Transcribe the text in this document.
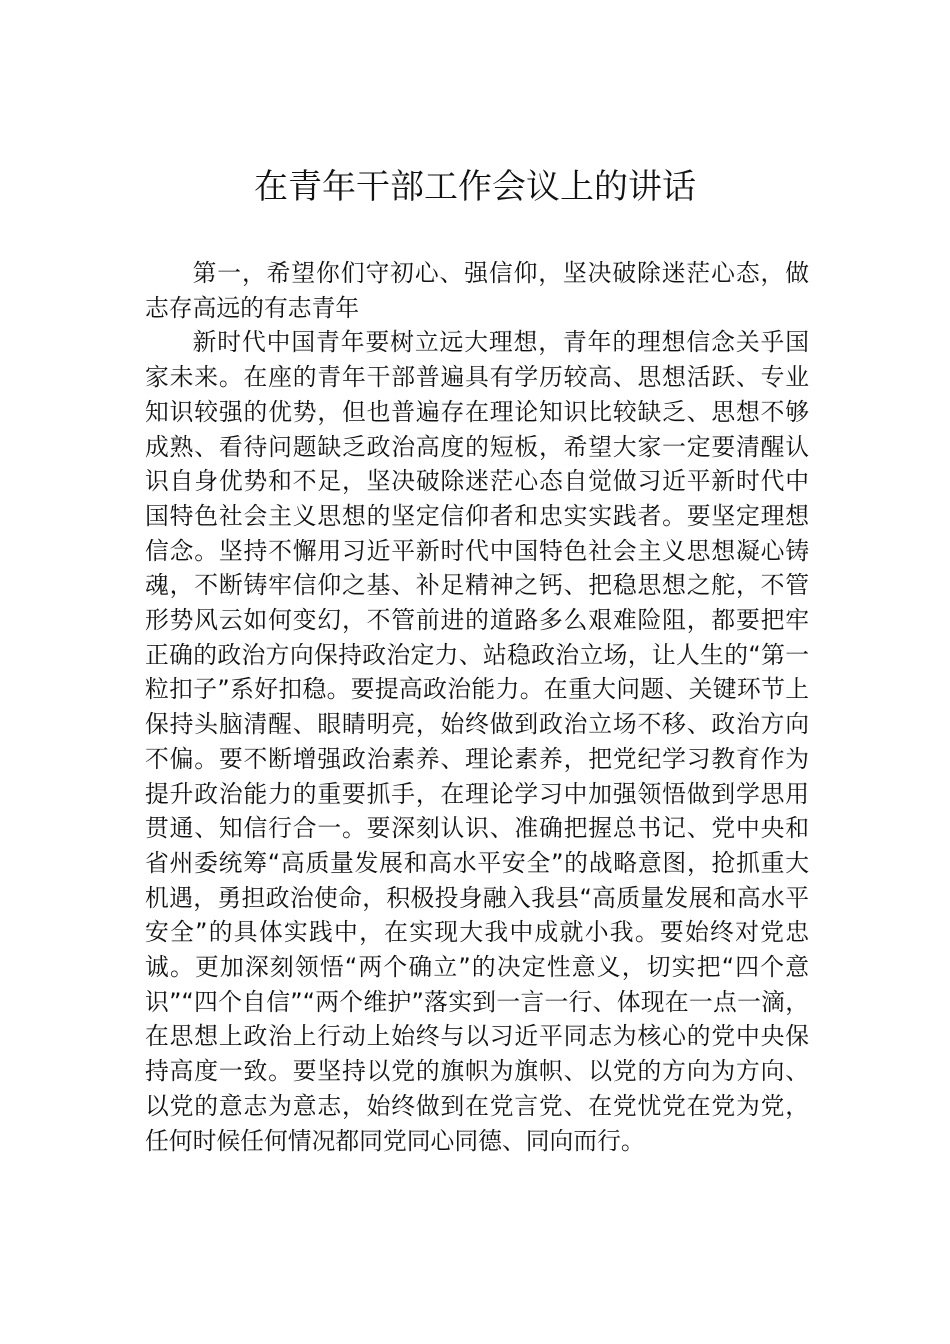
在青年干部工作会议上的讲话

第一，希望你们守初心、强信仰，坚决破除迷茫心态，做志存高远的有志青年

新时代中国青年要树立远大理想，青年的理想信念关乎国家未来。在座的青年干部普遍具有学历较高、思想活跃、专业知识较强的优势，但也普遍存在理论知识比较缺乏、思想不够成熟、看待问题缺乏政治高度的短板，希望大家一定要清醒认识自身优势和不足，坚决破除迷茫心态自觉做习近平新时代中国特色社会主义思想的坚定信仰者和忠实实践者。要坚定理想信念。坚持不懈用习近平新时代中国特色社会主义思想凝心铸魂，不断铸牢信仰之基、补足精神之钙、把稳思想之舵，不管形势风云如何变幻，不管前进的道路多么艰难险阻，都要把牢正确的政治方向保持政治定力、站稳政治立场，让人生的“第一粒扣子”系好扣稳。要提高政治能力。在重大问题、关键环节上保持头脑清醒、眼睛明亮，始终做到政治立场不移、政治方向不偏。要不断增强政治素养、理论素养，把党纪学习教育作为提升政治能力的重要抓手，在理论学习中加强领悟做到学思用贯通、知信行合一。要深刻认识、准确把握总书记、党中央和省州委统筹“高质量发展和高水平安全”的战略意图，抢抓重大机遇，勇担政治使命，积极投身融入我县“高质量发展和高水平安全”的具体实践中，在实现大我中成就小我。要始终对党忠诚。更加深刻领悟“两个确立”的决定性意义，切实把“四个意识”“四个自信”“两个维护”落实到一言一行、体现在一点一滴，在思想上政治上行动上始终与以习近平同志为核心的党中央保持高度一致。要坚持以党的旗帜为旗帜、以党的方向为方向、以党的意志为意志，始终做到在党言党、在党忧党在党为党，任何时候任何情况都同党同心同德、同向而行。
